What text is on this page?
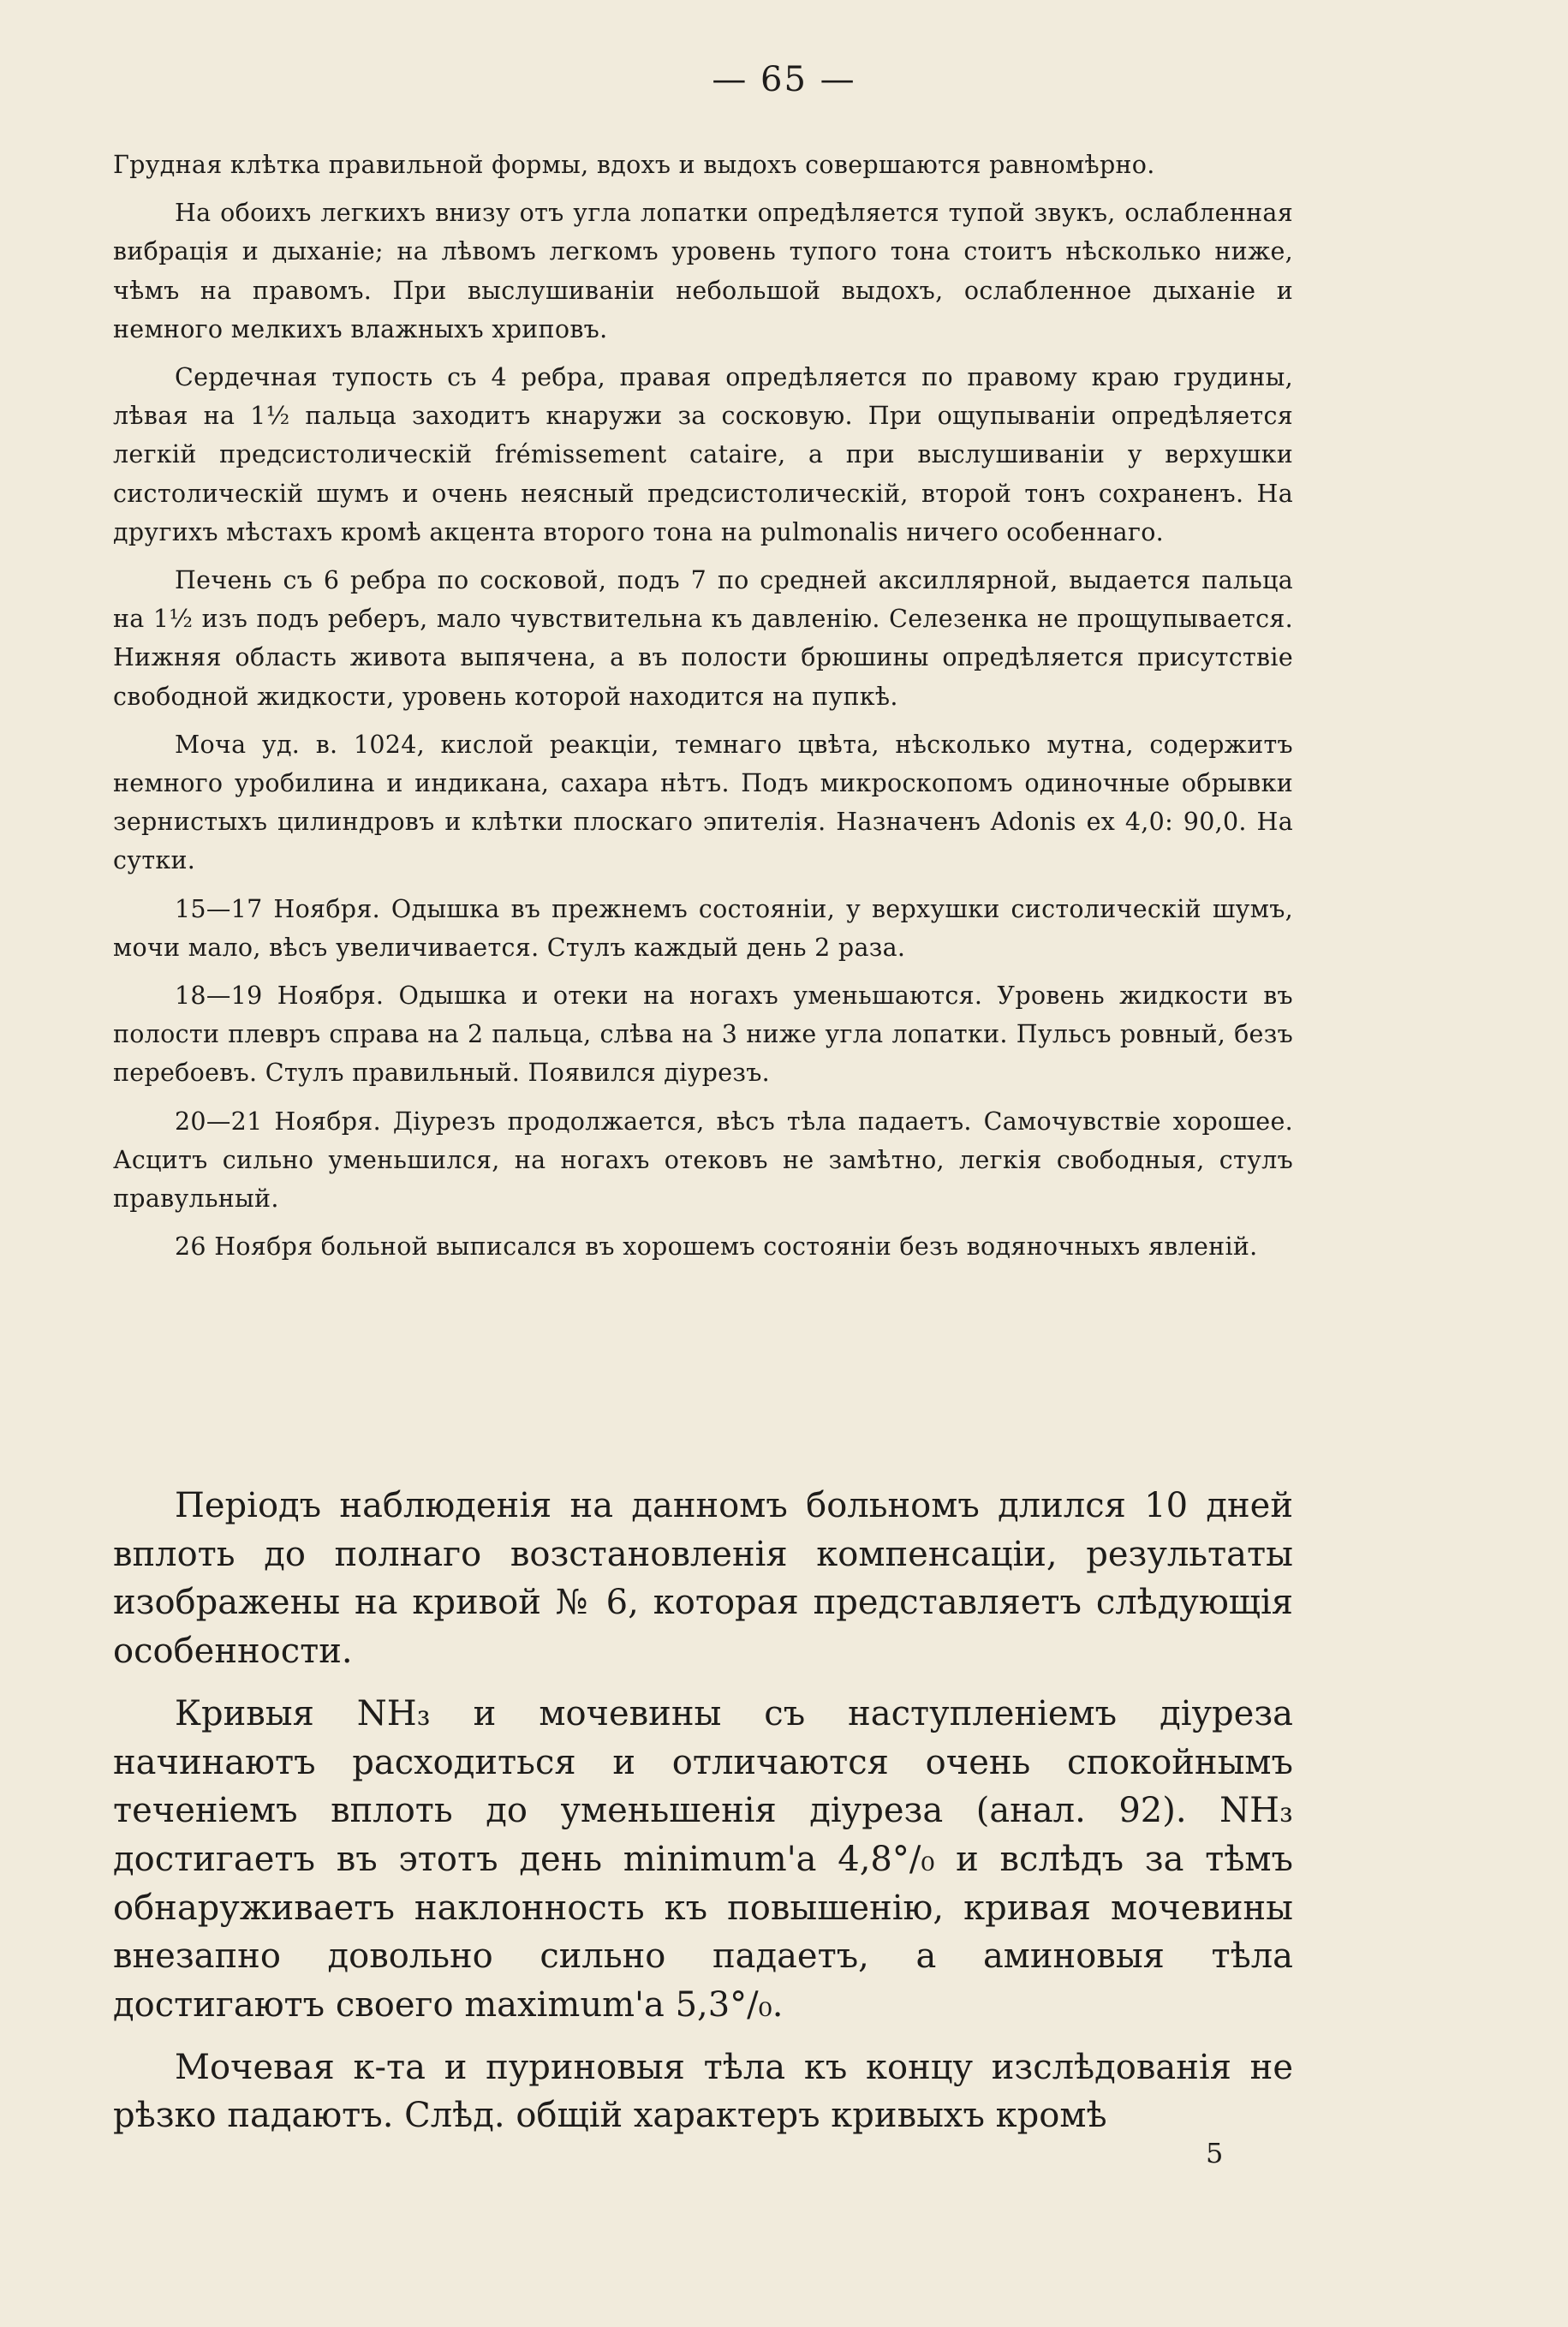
— 65 —

Грудная клѣтка правильной формы, вдохъ и выдохъ совершаются равномѣрно.

На обоихъ легкихъ внизу отъ угла лопатки опредѣляется тупой звукъ, ослабленная вибрація и дыханіе; на лѣвомъ легкомъ уровень тупого тона стоитъ нѣсколько ниже, чѣмъ на правомъ. При выслушиваніи небольшой выдохъ, ослабленное дыханіе и немного мелкихъ влажныхъ хриповъ.

Сердечная тупость съ 4 ребра, правая опредѣляется по правому краю грудины, лѣвая на 1½ пальца заходитъ кнаружи за сосковую. При ощупываніи опредѣляется легкій предсистолическій frémissement cataire, а при выслушиваніи у верхушки систолическій шумъ и очень неясный предсистолическій, второй тонъ сохраненъ. На другихъ мѣстахъ кромѣ акцента второго тона на pulmonalis ничего особеннаго.

Печень съ 6 ребра по сосковой, подъ 7 по средней аксиллярной, выдается пальца на 1½ изъ подъ реберъ, мало чувствительна къ давленію. Селезенка не прощупывается. Нижняя область живота выпячена, а въ полости брюшины опредѣляется присутствіе свободной жидкости, уровень которой находится на пупкѣ.

Моча уд. в. 1024, кислой реакціи, темнаго цвѣта, нѣсколько мутна, содержитъ немного уробилина и индикана, сахара нѣтъ. Подъ микроскопомъ одиночные обрывки зернистыхъ цилиндровъ и клѣтки плоскаго эпителія. Назначенъ Adonis ex 4,0: 90,0. На сутки.

15—17 Ноября. Одышка въ прежнемъ состояніи, у верхушки систолическій шумъ, мочи мало, вѣсъ увеличивается. Стулъ каждый день 2 раза.

18—19 Ноября. Одышка и отеки на ногахъ уменьшаются. Уровень жидкости въ полости плевръ справа на 2 пальца, слѣва на 3 ниже угла лопатки. Пульсъ ровный, безъ перебоевъ. Стулъ правильный. Появился діурезъ.

20—21 Ноября. Діурезъ продолжается, вѣсъ тѣла падаетъ. Самочувствіе хорошее. Асцитъ сильно уменьшился, на ногахъ отековъ не замѣтно, легкія свободныя, стулъ правульный.

26 Ноября больной выписался въ хорошемъ состояніи безъ водяночныхъ явленій.

Періодъ наблюденія на данномъ больномъ длился 10 дней вплоть до полнаго возстановленія компенсаціи, результаты изображены на кривой № 6, которая представляетъ слѣдующія особенности.

Кривыя NH₃ и мочевины съ наступленіемъ діуреза начинаютъ расходиться и отличаются очень спокойнымъ теченіемъ вплоть до уменьшенія діуреза (анал. 92). NH₃ достигаетъ въ этотъ день minimum'a 4,8°/₀ и вслѣдъ за тѣмъ обнаруживаетъ наклонность къ повышенію, кривая мочевины внезапно довольно сильно падаетъ, а аминовыя тѣла достигаютъ своего maximum'a 5,3°/₀.

Мочевая к-та и пуриновыя тѣла къ концу изслѣдованія не рѣзко падаютъ. Слѣд. общій характеръ кривыхъ кромѣ

5
